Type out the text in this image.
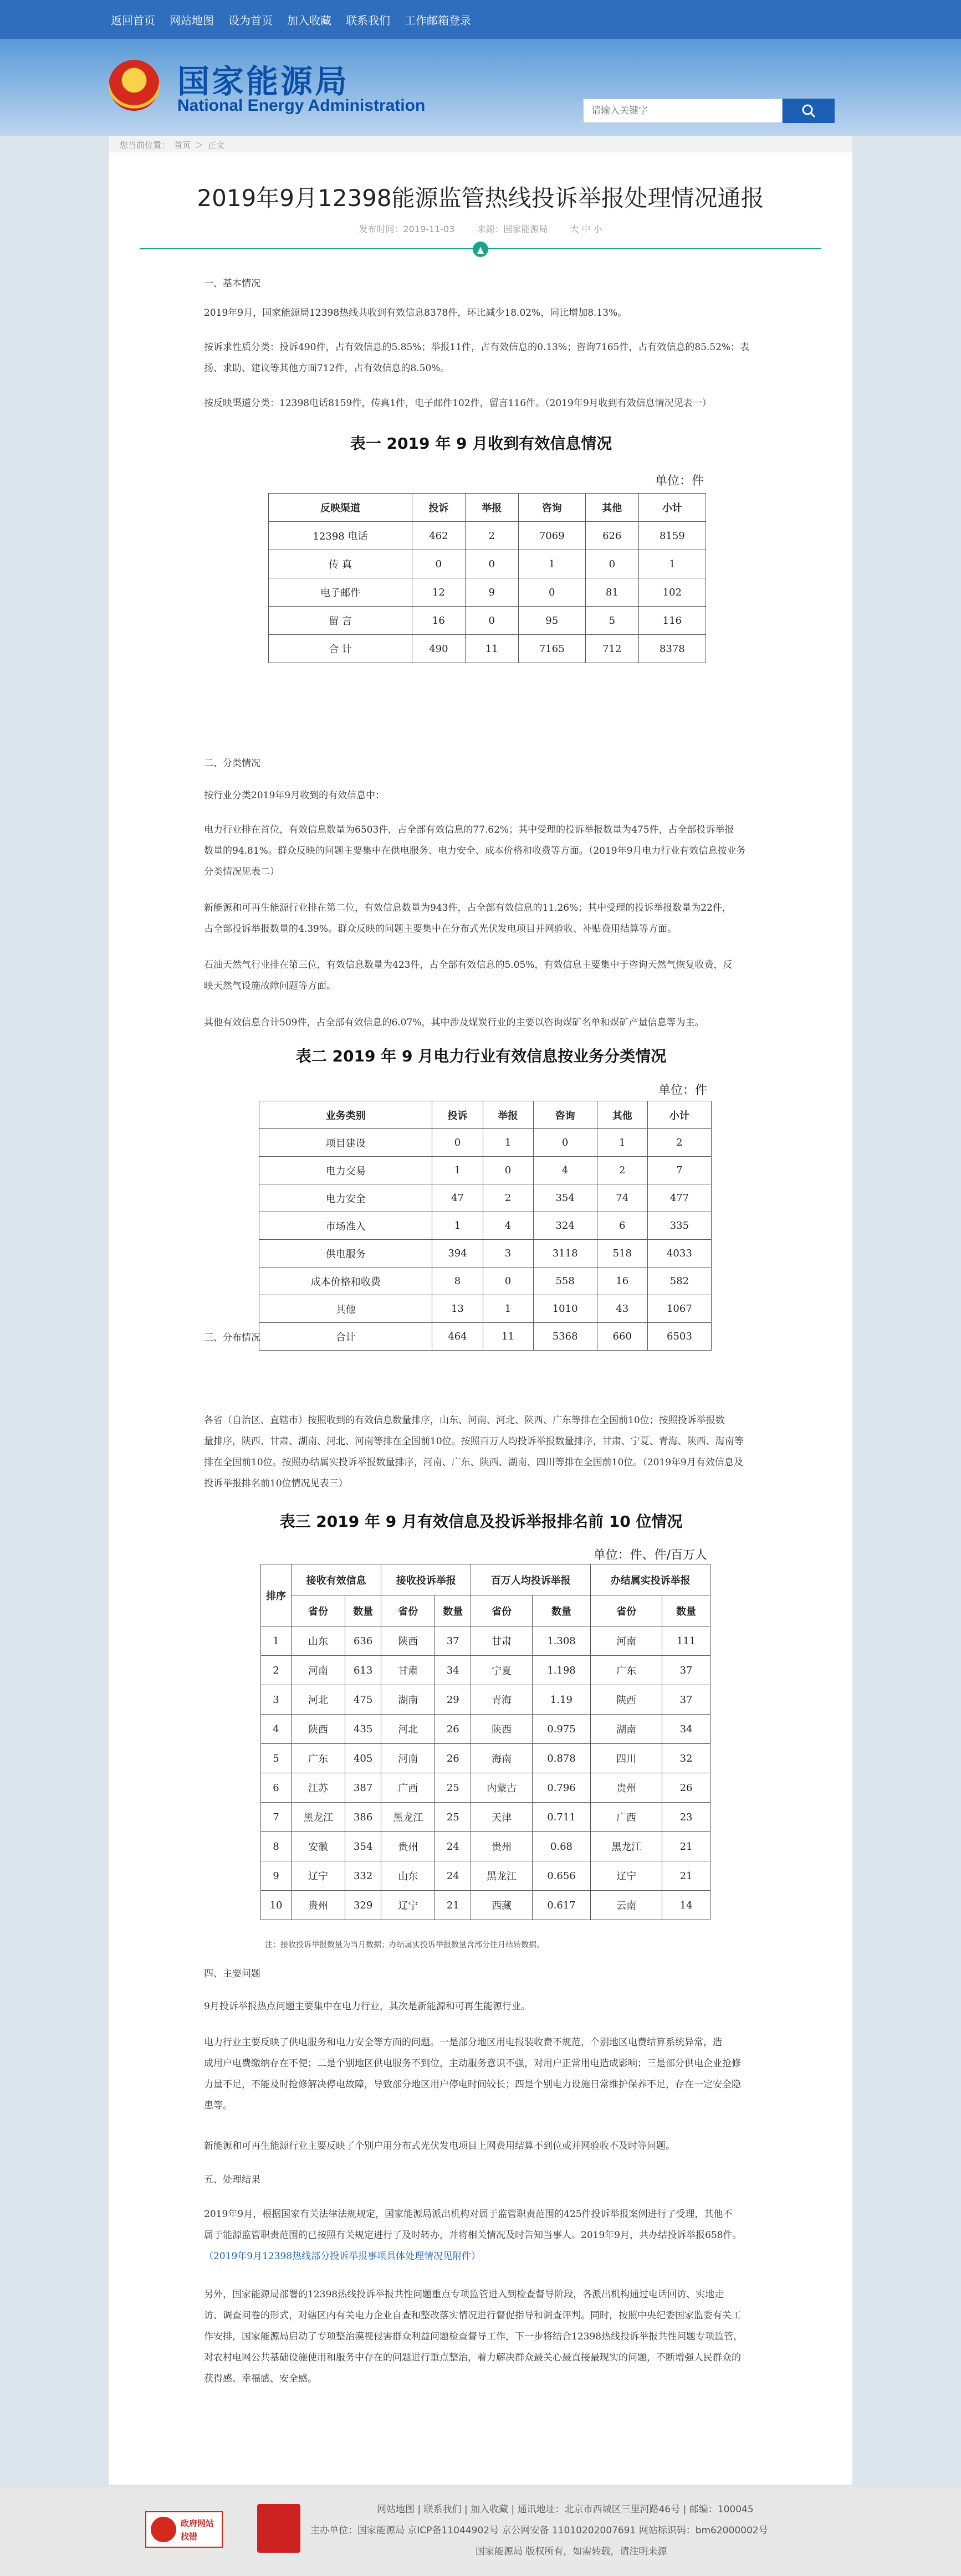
返回首页 网站地图 设为首页 加入收藏 联系我们 工作邮箱登录
国家能源局
National Energy Administration
请输入关键字
您当前位置： 首页 ＞ 正文
2019年9月12398能源监管热线投诉举报处理情况通报
发布时间：2019-11-03	来源：国家能源局	大 中 小
▲
一、基本情况
2019年9月，国家能源局12398热线共收到有效信息8378件，环比减少18.02%，同比增加8.13%。
按诉求性质分类：投诉490件，占有效信息的5.85%；举报11件，占有效信息的0.13%；咨询7165件，占有效信息的85.52%；表
扬、求助、建议等其他方面712件，占有效信息的8.50%。
按反映渠道分类：12398电话8159件，传真1件，电子邮件102件，留言116件。（2019年9月收到有效信息情况见表一）
表一 2019 年 9 月收到有效信息情况
单位：件
反映渠道	投诉	举报	咨询	其他	小计
12398 电话	462	2	7069	626	8159
传 真	0	0	1	0	1
电子邮件	12	9	0	81	102
留 言	16	0	95	5	116
合 计	490	11	7165	712	8378
二、分类情况
按行业分类2019年9月收到的有效信息中：
电力行业排在首位，有效信息数量为6503件，占全部有效信息的77.62%；其中受理的投诉举报数量为475件，占全部投诉举报
数量的94.81%。群众反映的问题主要集中在供电服务、电力安全、成本价格和收费等方面。（2019年9月电力行业有效信息按业务
分类情况见表二）
新能源和可再生能源行业排在第二位，有效信息数量为943件，占全部有效信息的11.26%；其中受理的投诉举报数量为22件，
占全部投诉举报数量的4.39%。群众反映的问题主要集中在分布式光伏发电项目并网验收、补贴费用结算等方面。
石油天然气行业排在第三位，有效信息数量为423件，占全部有效信息的5.05%，有效信息主要集中于咨询天然气恢复收费，反
映天然气设施故障问题等方面。
其他有效信息合计509件，占全部有效信息的6.07%，其中涉及煤炭行业的主要以咨询煤矿名单和煤矿产量信息等为主。
表二 2019 年 9 月电力行业有效信息按业务分类情况
单位：件
业务类别	投诉	举报	咨询	其他	小计
项目建设	0	1	0	1	2
电力交易	1	0	4	2	7
电力安全	47	2	354	74	477
市场准入	1	4	324	6	335
供电服务	394	3	3118	518	4033
成本价格和收费	8	0	558	16	582
其他	13	1	1010	43	1067
合计	464	11	5368	660	6503
三、分布情况
各省（自治区、直辖市）按照收到的有效信息数量排序，山东、河南、河北、陕西、广东等排在全国前10位；按照投诉举报数
量排序，陕西、甘肃、湖南、河北、河南等排在全国前10位。按照百万人均投诉举报数量排序，甘肃、宁夏、青海、陕西、海南等
排在全国前10位。按照办结属实投诉举报数量排序，河南、广东、陕西、湖南、四川等排在全国前10位。（2019年9月有效信息及
投诉举报排名前10位情况见表三）
表三 2019 年 9 月有效信息及投诉举报排名前 10 位情况
单位：件、件/百万人
排序	接收有效信息		接收投诉举报		百万人均投诉举报		办结属实投诉举报	
	省份	数量	省份	数量	省份	数量	省份	数量
1	山东	636	陕西	37	甘肃	1.308	河南	111
2	河南	613	甘肃	34	宁夏	1.198	广东	37
3	河北	475	湖南	29	青海	1.19	陕西	37
4	陕西	435	河北	26	陕西	0.975	湖南	34
5	广东	405	河南	26	海南	0.878	四川	32
6	江苏	387	广西	25	内蒙古	0.796	贵州	26
7	黑龙江	386	黑龙江	25	天津	0.711	广西	23
8	安徽	354	贵州	24	贵州	0.68	黑龙江	21
9	辽宁	332	山东	24	黑龙江	0.656	辽宁	21
10	贵州	329	辽宁	21	西藏	0.617	云南	14
注：接收投诉举报数量为当月数据；办结属实投诉举报数量含部分往月结转数据。
四、主要问题
9月投诉举报热点问题主要集中在电力行业，其次是新能源和可再生能源行业。
电力行业主要反映了供电服务和电力安全等方面的问题。一是部分地区用电报装收费不规范，个别地区电费结算系统异常，造
成用户电费缴纳存在不便；二是个别地区供电服务不到位，主动服务意识不强，对用户正常用电造成影响；三是部分供电企业抢修
力量不足，不能及时抢修解决停电故障，导致部分地区用户停电时间较长；四是个别电力设施日常维护保养不足，存在一定安全隐
患等。
新能源和可再生能源行业主要反映了个别户用分布式光伏发电项目上网费用结算不到位或并网验收不及时等问题。
五、处理结果
2019年9月，根据国家有关法律法规规定，国家能源局派出机构对属于监管职责范围的425件投诉举报案例进行了受理，其他不
属于能源监管职责范围的已按照有关规定进行了及时转办，并将相关情况及时告知当事人。2019年9月，共办结投诉举报658件。
（2019年9月12398热线部分投诉举报事项具体处理情况见附件）
另外，国家能源局部署的12398热线投诉举报共性问题重点专项监管进入到检查督导阶段，各派出机构通过电话回访、实地走
访、调查问卷的形式，对辖区内有关电力企业自查和整改落实情况进行督促指导和调查评判。同时，按照中央纪委国家监委有关工
作安排，国家能源局启动了专项整治漠视侵害群众利益问题检查督导工作，下一步将结合12398热线投诉举报共性问题专项监管，
对农村电网公共基础设施使用和服务中存在的问题进行重点整治，着力解决群众最关心最直接最现实的问题，不断增强人民群众的
获得感、幸福感、安全感。
政府网站
找错
网站地图 | 联系我们 | 加入收藏 | 通讯地址：北京市西城区三里河路46号 | 邮编：100045
主办单位：国家能源局 京ICP备11044902号 京公网安备 11010202007691 网站标识码：bm62000002号
国家能源局 版权所有，如需转载，请注明来源
